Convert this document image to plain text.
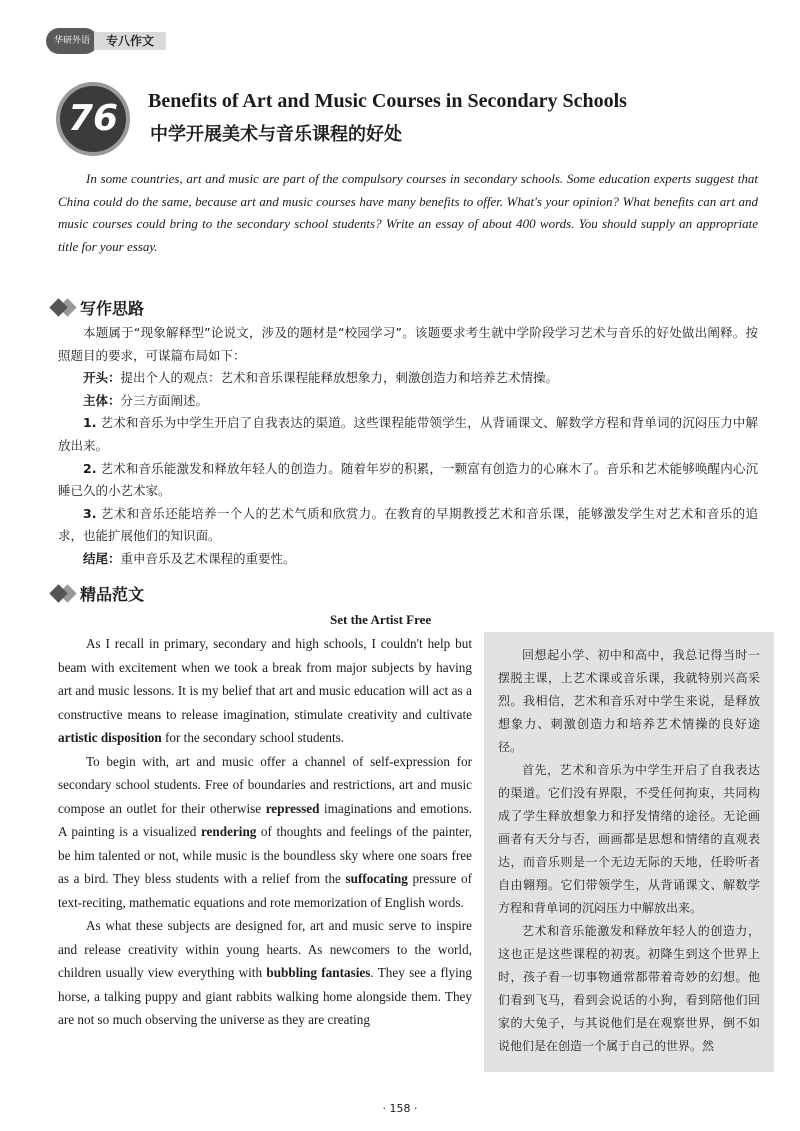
华研外语	专八作文
76	Benefits of Art and Music Courses in Secondary Schools
中学开展美术与音乐课程的好处
In some countries, art and music are part of the compulsory courses in secondary schools. Some education experts suggest that China could do the same, because art and music courses have many benefits to offer. What's your opinion? What benefits can art and music courses could bring to the secondary school students? Write an essay of about 400 words. You should supply an appropriate title for your essay.
写作思路

本题属于“现象解释型”论说文，涉及的题材是“校园学习”。该题要求考生就中学阶段学习艺术与音乐的好处做出阐释。按照题目的要求，可谋篇布局如下：

开头：提出个人的观点：艺术和音乐课程能释放想象力，刺激创造力和培养艺术情操。

主体：分三方面阐述。

1. 艺术和音乐为中学生开启了自我表达的渠道。这些课程能带领学生，从背诵课文、解数学方程和背单词的沉闷压力中解放出来。

2. 艺术和音乐能激发和释放年轻人的创造力。随着年岁的积累，一颗富有创造力的心麻木了。音乐和艺术能够唤醒内心沉睡已久的小艺术家。

3. 艺术和音乐还能培养一个人的艺术气质和欣赏力。在教育的早期教授艺术和音乐课，能够激发学生对艺术和音乐的追求，也能扩展他们的知识面。

结尾：重申音乐及艺术课程的重要性。

精品范文
Set the Artist Free

As I recall in primary, secondary and high schools, I couldn't help but beam with excitement when we took a break from major subjects by having art and music lessons. It is my belief that art and music education will act as a constructive means to release imagination, stimulate creativity and cultivate artistic disposition for the secondary school students.

To begin with, art and music offer a channel of self-expression for secondary school students. Free of boundaries and restrictions, art and music compose an outlet for their otherwise repressed imaginations and emotions. A painting is a visualized rendering of thoughts and feelings of the painter, be him talented or not, while music is the boundless sky where one soars free as a bird. They bless students with a relief from the suffocating pressure of text-reciting, mathematic equations and rote memorization of English words.

As what these subjects are designed for, art and music serve to inspire and release creativity within young hearts. As newcomers to the world, children usually view everything with bubbling fantasies. They see a flying horse, a talking puppy and giant rabbits walking home alongside them. They are not so much observing the universe as they are creating

回想起小学、初中和高中，我总记得当时一摆脱主课，上艺术课或音乐课，我就特别兴高采烈。我相信，艺术和音乐对中学生来说，是释放想象力、刺激创造力和培养艺术情操的良好途径。

首先，艺术和音乐为中学生开启了自我表达的渠道。它们没有界限，不受任何拘束，共同构成了学生释放想象力和抒发情绪的途径。无论画画者有天分与否，画画都是思想和情绪的直观表达，而音乐则是一个无边无际的天地，任聆听者自由翱翔。它们带领学生，从背诵课文、解数学方程和背单词的沉闷压力中解放出来。

艺术和音乐能激发和释放年轻人的创造力，这也正是这些课程的初衷。初降生到这个世界上时，孩子看一切事物通常都带着奇妙的幻想。他们看到飞马，看到会说话的小狗，看到陪他们回家的大兔子，与其说他们是在观察世界，倒不如说他们是在创造一个属于自己的世界。然

· 158 ·
